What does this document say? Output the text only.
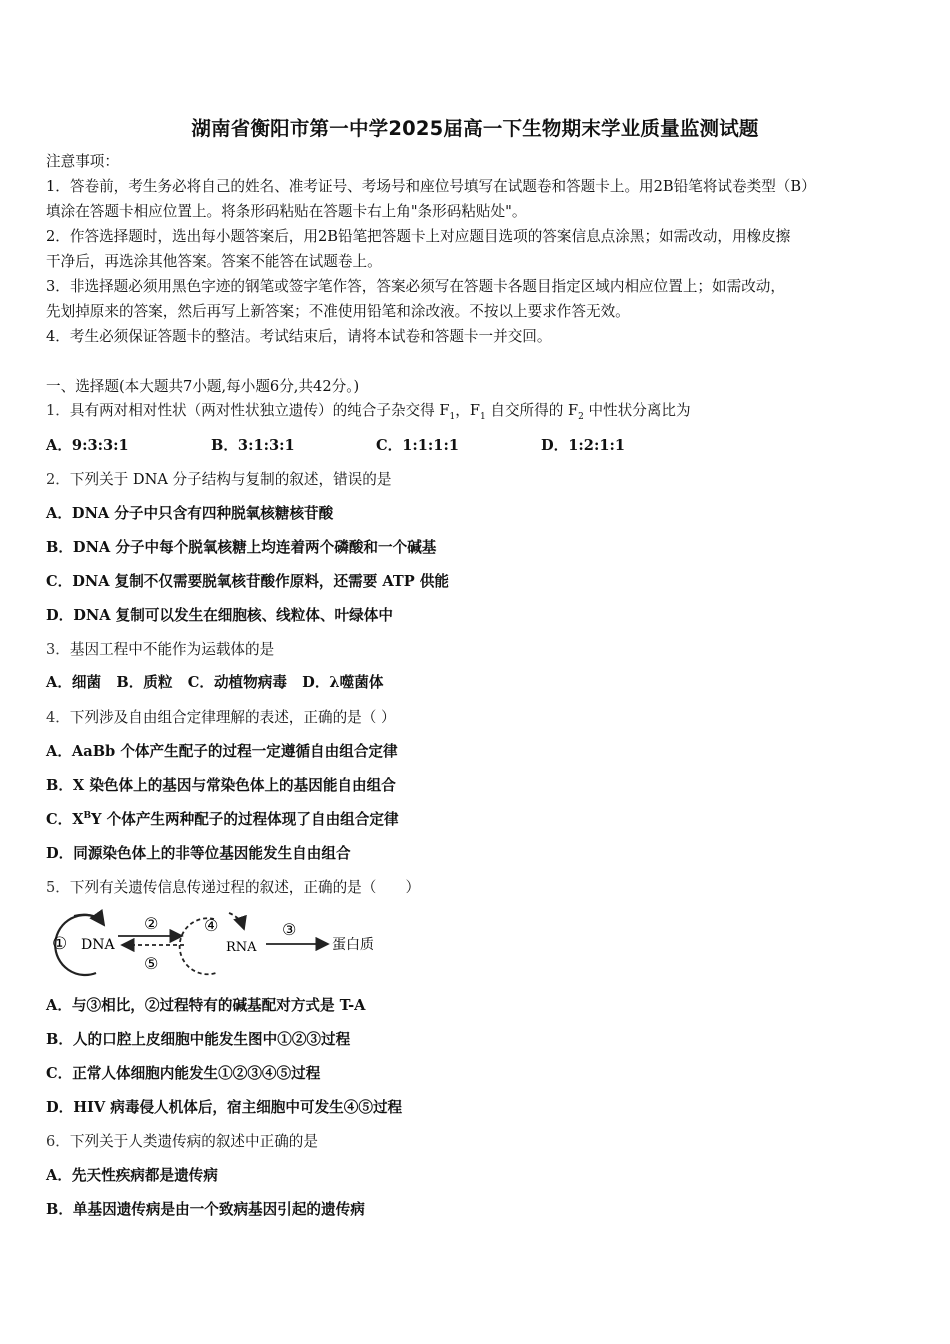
湖南省衡阳市第一中学2025届高一下生物期末学业质量监测试题
注意事项：
1．答卷前，考生务必将自己的姓名、准考证号、考场号和座位号填写在试题卷和答题卡上。用2B铅笔将试卷类型（B）
填涂在答题卡相应位置上。将条形码粘贴在答题卡右上角"条形码粘贴处"。
2．作答选择题时，选出每小题答案后，用2B铅笔把答题卡上对应题目选项的答案信息点涂黑；如需改动，用橡皮擦
干净后，再选涂其他答案。答案不能答在试题卷上。
3．非选择题必须用黑色字迹的钢笔或签字笔作答，答案必须写在答题卡各题目指定区域内相应位置上；如需改动，
先划掉原来的答案，然后再写上新答案；不准使用铅笔和涂改液。不按以上要求作答无效。
4．考生必须保证答题卡的整洁。考试结束后，请将本试卷和答题卡一并交回。
一、选择题(本大题共7小题,每小题6分,共42分。)
1．具有两对相对性状（两对性状独立遗传）的纯合子杂交得 $F_1$，$F_1$ 自交所得的 $F_2$ 中性状分离比为
A．9:3:3:1	B．3:1:3:1	C．1:1:1:1	D．1:2:1:1
2．下列关于 DNA 分子结构与复制的叙述，错误的是
A．DNA 分子中只含有四种脱氧核糖核苷酸
B．DNA 分子中每个脱氧核糖上均连着两个磷酸和一个碱基
C．DNA 复制不仅需要脱氧核苷酸作原料，还需要 ATP 供能
D．DNA 复制可以发生在细胞核、线粒体、叶绿体中
3．基因工程中不能作为运载体的是
A．细菌 B．质粒 C．动植物病毒 D．λ噬菌体
4．下列涉及自由组合定律理解的表述，正确的是（ ）
A．AaBb 个体产生配子的过程一定遵循自由组合定律
B．X 染色体上的基因与常染色体上的基因能自由组合
C．$X^BY$ 个体产生两种配子的过程体现了自由组合定律
D．同源染色体上的非等位基因能发生自由组合
5．下列有关遗传信息传递过程的叙述，正确的是（　　）
① DNA
②
⑤
④
RNA
③
蛋白质
A．与③相比，②过程特有的碱基配对方式是 T-A
B．人的口腔上皮细胞中能发生图中①②③过程
C．正常人体细胞内能发生①②③④⑤过程
D．HIV 病毒侵人机体后，宿主细胞中可发生④⑤过程
6．下列关于人类遗传病的叙述中正确的是
A．先天性疾病都是遗传病
B．单基因遗传病是由一个致病基因引起的遗传病
